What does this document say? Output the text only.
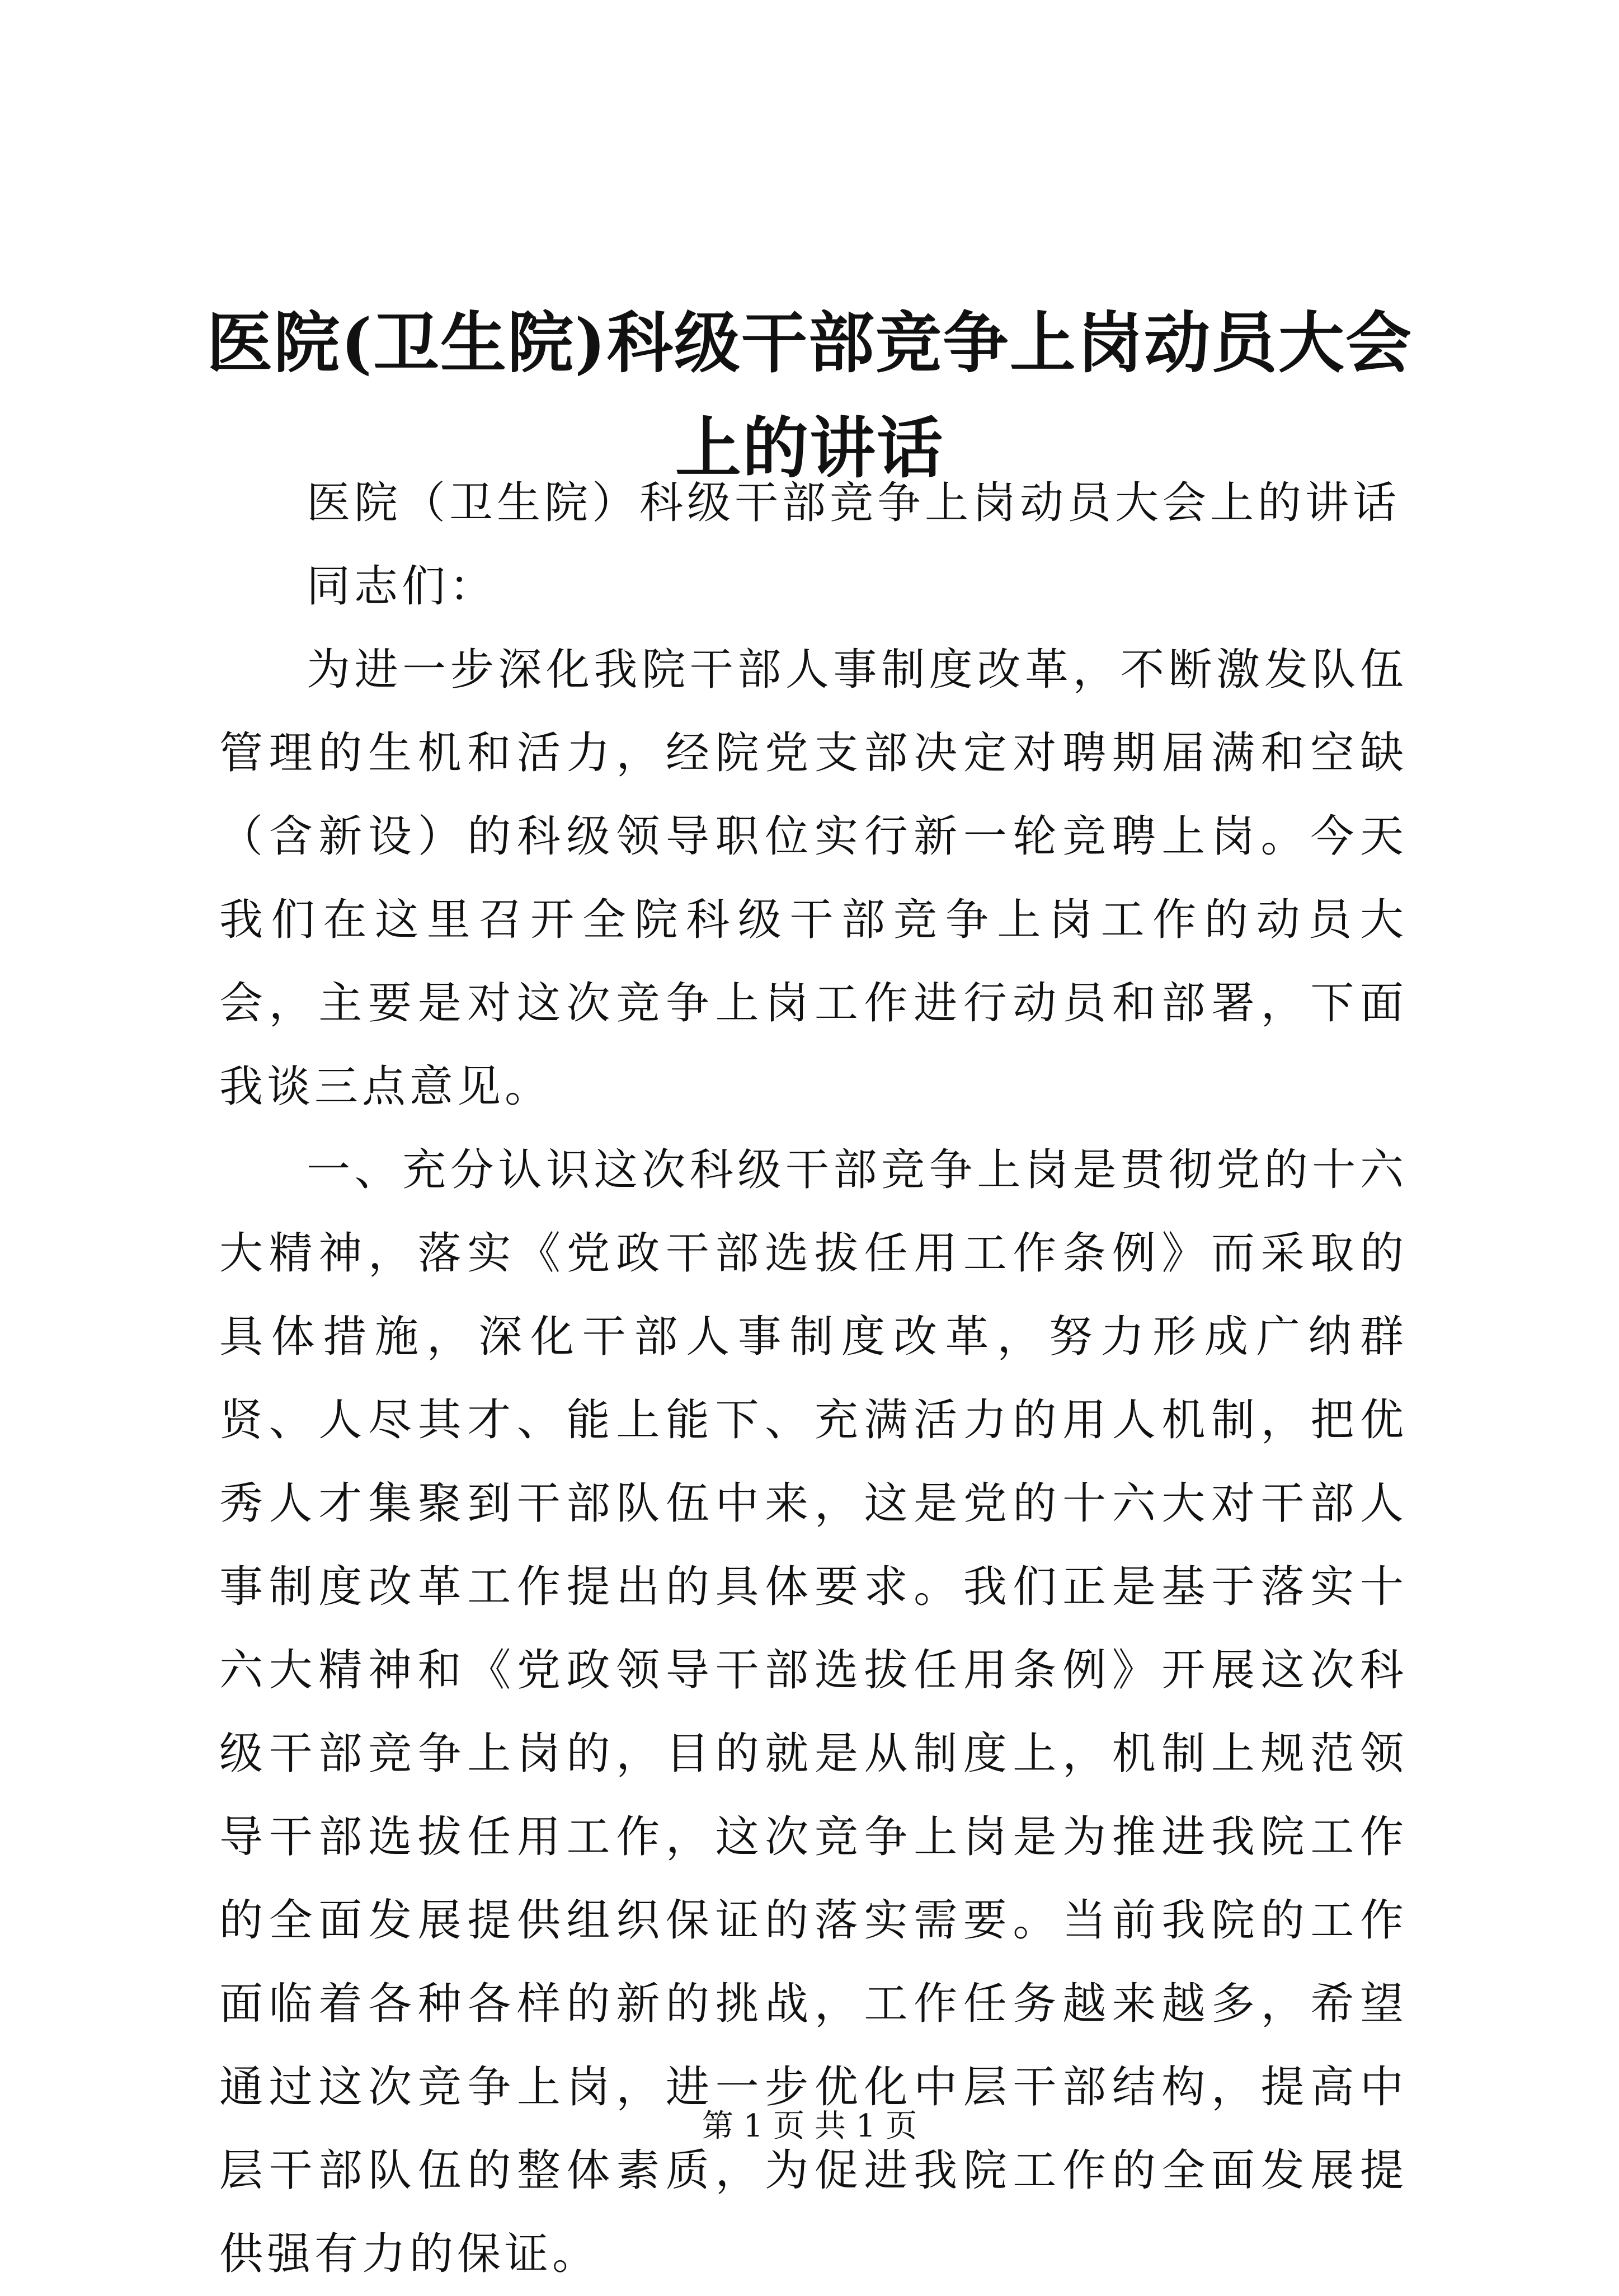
医院(卫生院)科级干部竞争上岗动员大会上的讲话

医院（卫生院）科级干部竞争上岗动员大会上的讲话

同志们：

为进一步深化我院干部人事制度改革，不断激发队伍管理的生机和活力，经院党支部决定对聘期届满和空缺（含新设）的科级领导职位实行新一轮竞聘上岗。今天我们在这里召开全院科级干部竞争上岗工作的动员大会，主要是对这次竞争上岗工作进行动员和部署，下面我谈三点意见。

一、充分认识这次科级干部竞争上岗是贯彻党的十六大精神，落实《党政干部选拔任用工作条例》而采取的具体措施，深化干部人事制度改革，努力形成广纳群贤、人尽其才、能上能下、充满活力的用人机制，把优秀人才集聚到干部队伍中来，这是党的十六大对干部人事制度改革工作提出的具体要求。我们正是基于落实十六大精神和《党政领导干部选拔任用条例》开展这次科级干部竞争上岗的，目的就是从制度上，机制上规范领导干部选拔任用工作，这次竞争上岗是为推进我院工作的全面发展提供组织保证的落实需要。当前我院的工作面临着各种各样的新的挑战，工作任务越来越多，希望通过这次竞争上岗，进一步优化中层干部结构，提高中层干部队伍的整体素质，为促进我院工作的全面发展提供强有力的保证。

第 1 页 共 1 页
